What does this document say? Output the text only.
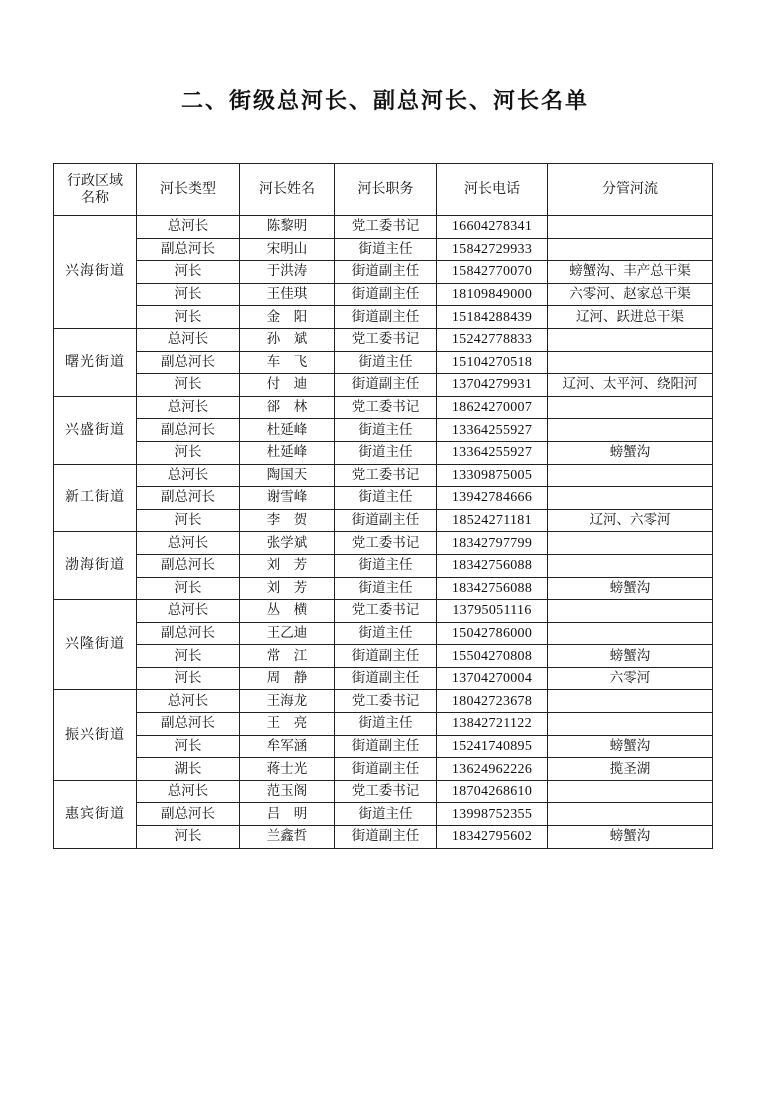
二、街级总河长、副总河长、河长名单
行政区域
名称	河长类型	河长姓名	河长职务	河长电话	分管河流
兴海街道	总河长	陈黎明	党工委书记	16604278341	
	副总河长	宋明山	街道主任	15842729933	
	河长	于洪涛	街道副主任	15842770070	螃蟹沟、丰产总干渠
	河长	王佳琪	街道副主任	18109849000	六零河、赵家总干渠
	河长	金　阳	街道副主任	15184288439	辽河、跃进总干渠
曙光街道	总河长	孙　斌	党工委书记	15242778833	
	副总河长	车　飞	街道主任	15104270518	
	河长	付　迪	街道副主任	13704279931	辽河、太平河、绕阳河
兴盛街道	总河长	郤　林	党工委书记	18624270007	
	副总河长	杜延峰	街道主任	13364255927	
	河长	杜延峰	街道主任	13364255927	螃蟹沟
新工街道	总河长	陶国天	党工委书记	13309875005	
	副总河长	谢雪峰	街道主任	13942784666	
	河长	李　贺	街道副主任	18524271181	辽河、六零河
渤海街道	总河长	张学斌	党工委书记	18342797799	
	副总河长	刘　芳	街道主任	18342756088	
	河长	刘　芳	街道主任	18342756088	螃蟹沟
兴隆街道	总河长	丛　横	党工委书记	13795051116	
	副总河长	王乙迪	街道主任	15042786000	
	河长	常　江	街道副主任	15504270808	螃蟹沟
	河长	周　静	街道副主任	13704270004	六零河
振兴街道	总河长	王海龙	党工委书记	18042723678	
	副总河长	王　亮	街道主任	13842721122	
	河长	牟军涵	街道副主任	15241740895	螃蟹沟
	湖长	蒋士光	街道副主任	13624962226	揽圣湖
惠宾街道	总河长	范玉阁	党工委书记	18704268610	
	副总河长	吕　明	街道主任	13998752355	
	河长	兰鑫哲	街道副主任	18342795602	螃蟹沟
